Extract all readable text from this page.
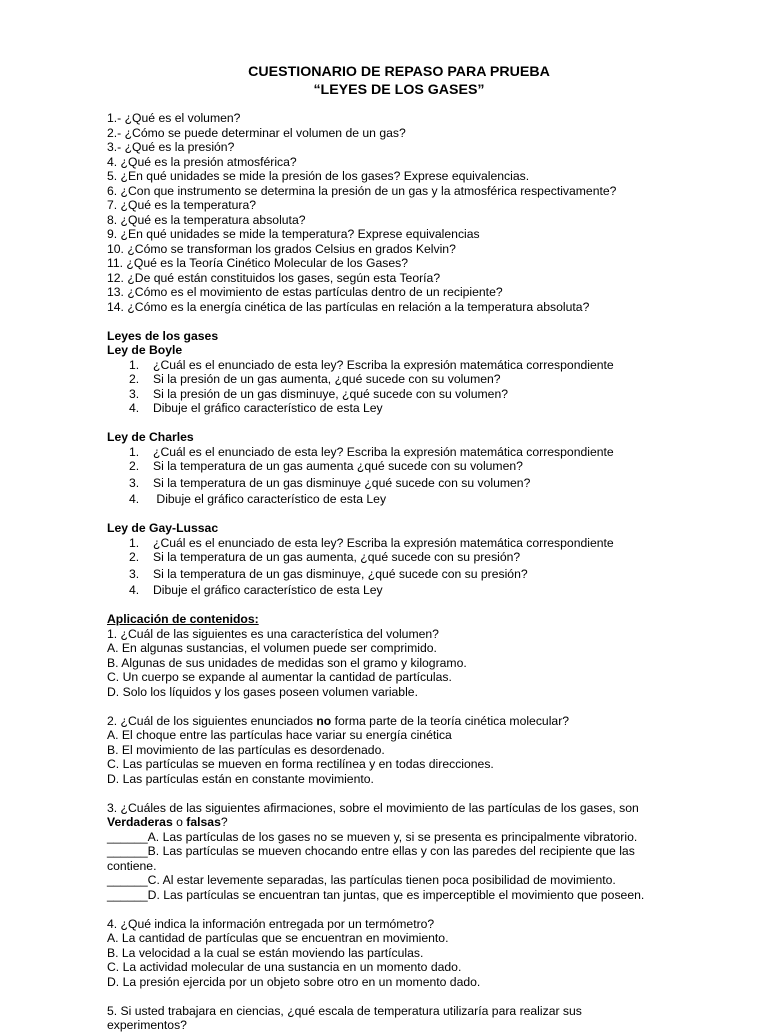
CUESTIONARIO DE REPASO PARA PRUEBA
“LEYES DE LOS GASES”
1.- ¿Qué es el volumen?
2.- ¿Cómo se puede determinar el volumen de un gas?
3.- ¿Qué es la presión?
4. ¿Qué es la presión atmosférica?
5. ¿En qué unidades se mide la presión de los gases? Exprese equivalencias.
6. ¿Con que instrumento se determina la presión de un gas y la atmosférica respectivamente?
7. ¿Qué es la temperatura?
8. ¿Qué es la temperatura absoluta?
9. ¿En qué unidades se mide la temperatura? Exprese equivalencias
10. ¿Cómo se transforman los grados Celsius en grados Kelvin?
11. ¿Qué es la Teoría Cinético Molecular de los Gases?
12. ¿De qué están constituidos los gases, según esta Teoría?
13. ¿Cómo es el movimiento de estas partículas dentro de un recipiente?
14. ¿Cómo es la energía cinética de las partículas en relación a la temperatura absoluta?
Leyes de los gases
Ley de Boyle
1. ¿Cuál es el enunciado de esta ley? Escriba la expresión matemática correspondiente
2. Si la presión de un gas aumenta, ¿qué sucede con su volumen?
3. Si la presión de un gas disminuye, ¿qué sucede con su volumen?
4. Dibuje el gráfico característico de esta Ley
Ley de Charles
1. ¿Cuál es el enunciado de esta ley? Escriba la expresión matemática correspondiente
2. Si la temperatura de un gas aumenta ¿qué sucede con su volumen?
3. Si la temperatura de un gas disminuye ¿qué sucede con su volumen?
4. Dibuje el gráfico característico de esta Ley
Ley de Gay-Lussac
1. ¿Cuál es el enunciado de esta ley? Escriba la expresión matemática correspondiente
2. Si la temperatura de un gas aumenta, ¿qué sucede con su presión?
3. Si la temperatura de un gas disminuye, ¿qué sucede con su presión?
4. Dibuje el gráfico característico de esta Ley
Aplicación de contenidos:
1. ¿Cuál de las siguientes es una característica del volumen?
A. En algunas sustancias, el volumen puede ser comprimido.
B. Algunas de sus unidades de medidas son el gramo y kilogramo.
C. Un cuerpo se expande al aumentar la cantidad de partículas.
D. Solo los líquidos y los gases poseen volumen variable.
2. ¿Cuál de los siguientes enunciados no forma parte de la teoría cinética molecular?
A. El choque entre las partículas hace variar su energía cinética
B. El movimiento de las partículas es desordenado.
C. Las partículas se mueven en forma rectilínea y en todas direcciones.
D. Las partículas están en constante movimiento.
3. ¿Cuáles de las siguientes afirmaciones, sobre el movimiento de las partículas de los gases, son
Verdaderas o falsas?
______A. Las partículas de los gases no se mueven y, si se presenta es principalmente vibratorio.
______B. Las partículas se mueven chocando entre ellas y con las paredes del recipiente que las
contiene.
______C. Al estar levemente separadas, las partículas tienen poca posibilidad de movimiento.
______D. Las partículas se encuentran tan juntas, que es imperceptible el movimiento que poseen.
4. ¿Qué indica la información entregada por un termómetro?
A. La cantidad de partículas que se encuentran en movimiento.
B. La velocidad a la cual se están moviendo las partículas.
C. La actividad molecular de una sustancia en un momento dado.
D. La presión ejercida por un objeto sobre otro en un momento dado.
5. Si usted trabajara en ciencias, ¿qué escala de temperatura utilizaría para realizar sus
experimentos?
